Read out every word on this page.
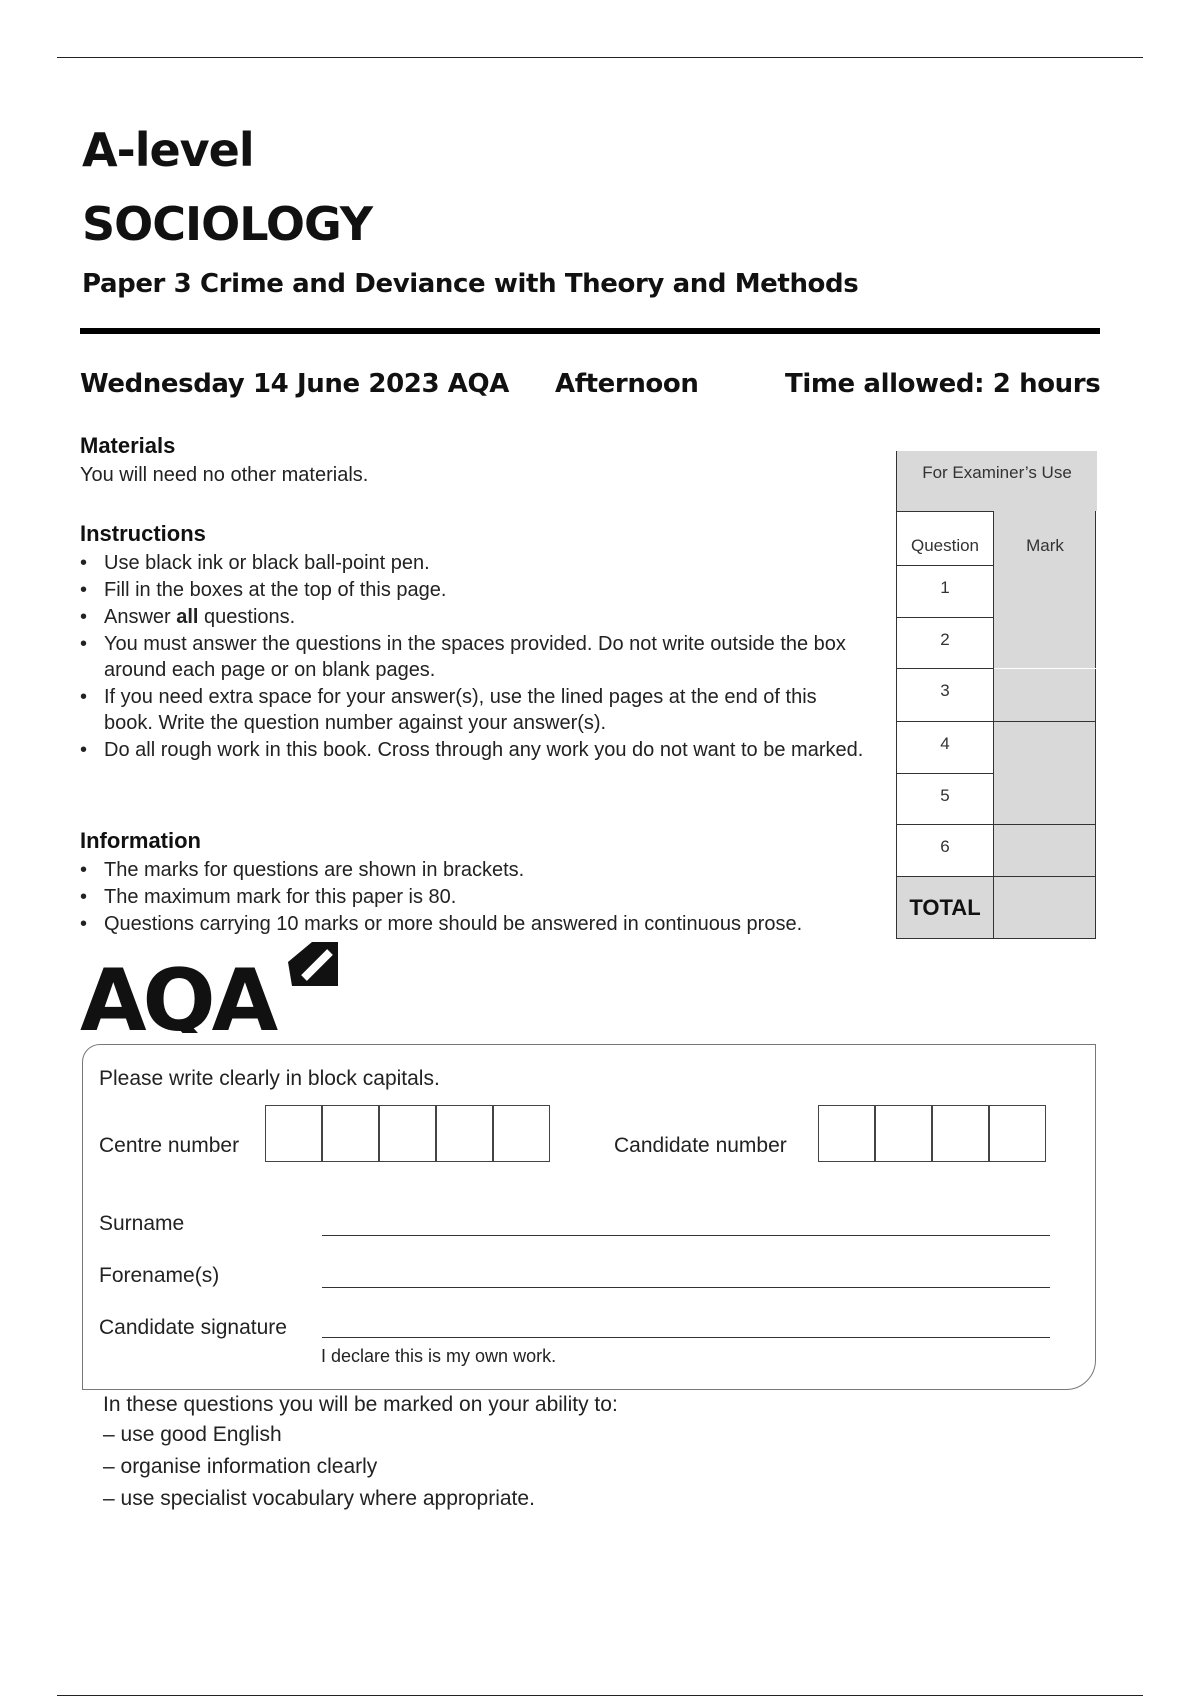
A-level
SOCIOLOGY
Paper 3 Crime and Deviance with Theory and Methods
Wednesday 14 June 2023 AQA Afternoon	Time allowed: 2 hours
Materials
You will need no other materials.
Instructions
• Use black ink or black ball-point pen.
• Fill in the boxes at the top of this page.
• Answer all questions.
• You must answer the questions in the spaces provided. Do not write outside the box around each page or on blank pages.
• If you need extra space for your answer(s), use the lined pages at the end of this book. Write the question number against your answer(s).
• Do all rough work in this book. Cross through any work you do not want to be marked.
Information
• The marks for questions are shown in brackets.
• The maximum mark for this paper is 80.
• Questions carrying 10 marks or more should be answered in continuous prose.
For Examiner’s Use
Question	Mark
1
2
3
4
5
6
TOTAL
AQA
Please write clearly in block capitals.
Centre number	Candidate number
Surname
Forename(s)
Candidate signature
I declare this is my own work.
In these questions you will be marked on your ability to:
– use good English
– organise information clearly
– use specialist vocabulary where appropriate.
